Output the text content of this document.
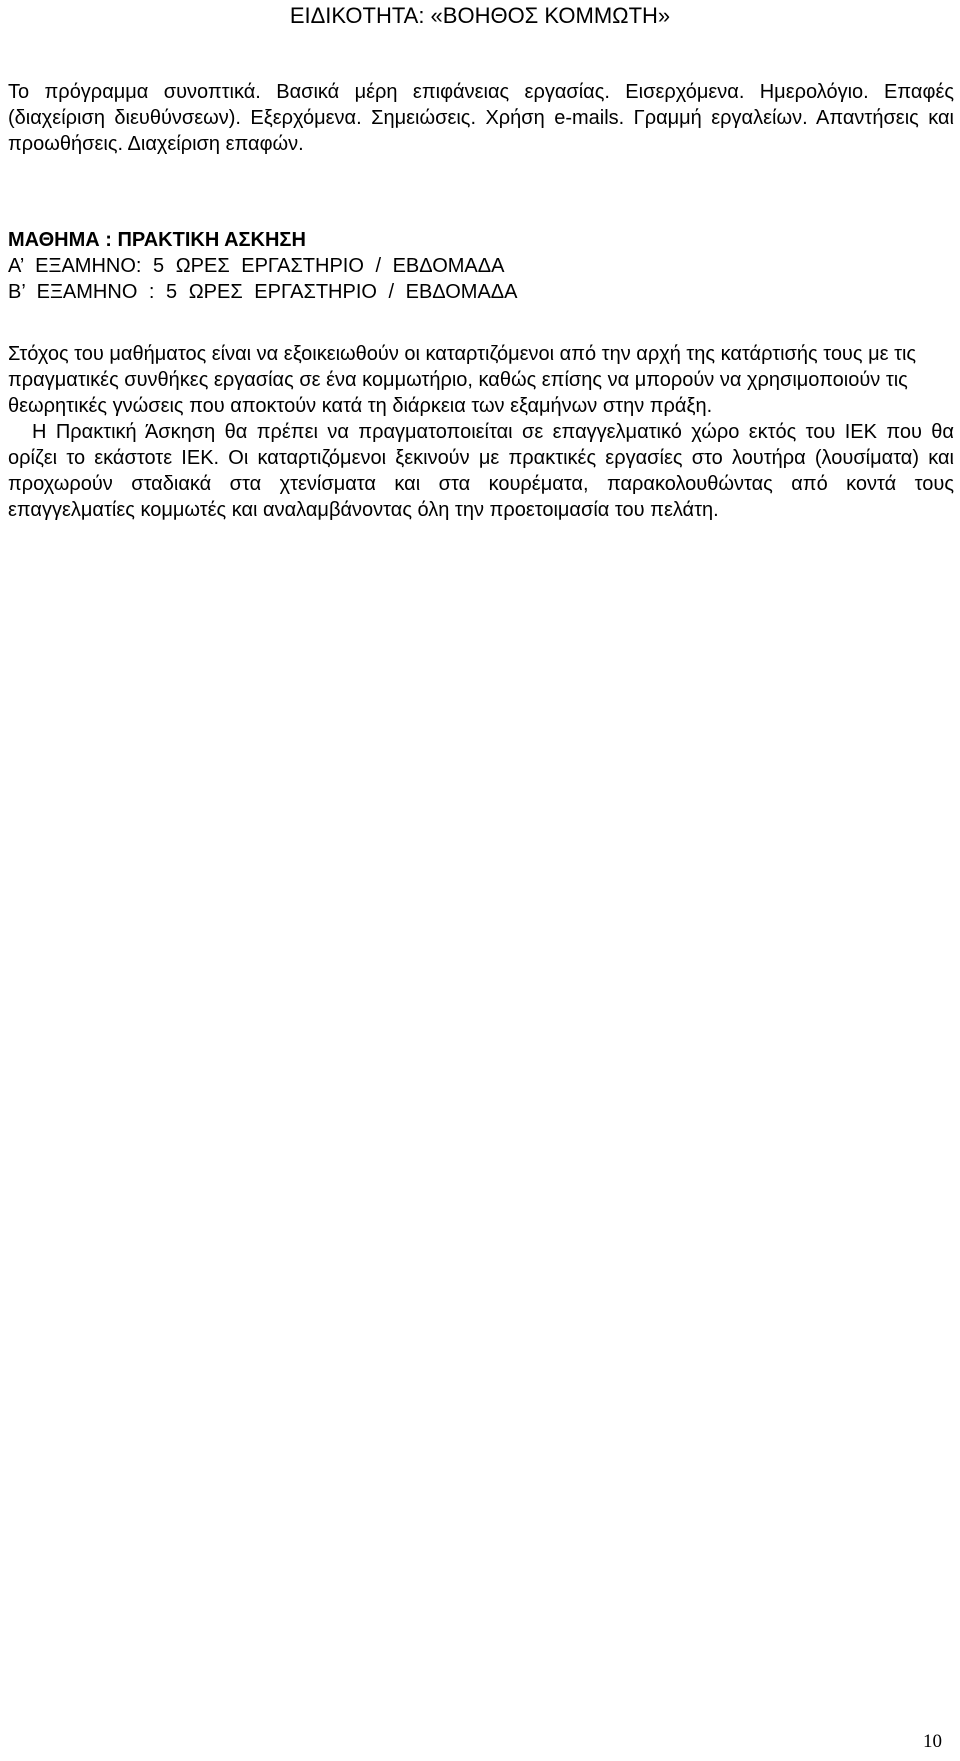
ΕΙΔΙΚΟΤΗΤΑ: «ΒΟΗΘΟΣ ΚΟΜΜΩΤΗ»
Το πρόγραμμα συνοπτικά. Βασικά μέρη επιφάνειας εργασίας. Εισερχόμενα. Ημερολόγιο. Επαφές (διαχείριση διευθύνσεων). Εξερχόμενα. Σημειώσεις. Χρήση e-mails. Γραμμή εργαλείων. Απαντήσεις και προωθήσεις. Διαχείριση επαφών.
ΜΑΘΗΜΑ : ΠΡΑΚΤΙΚΗ ΑΣΚΗΣΗ
Α’ ΕΞΑΜΗΝΟ: 5 ΩΡΕΣ ΕΡΓΑΣΤΗΡΙΟ / ΕΒΔΟΜΑΔΑ
Β’ ΕΞΑΜΗΝΟ : 5 ΩΡΕΣ ΕΡΓΑΣΤΗΡΙΟ / ΕΒΔΟΜΑΔΑ
Στόχος του μαθήματος είναι να εξοικειωθούν οι καταρτιζόμενοι από την αρχή της κατάρτισής τους με τις πραγματικές συνθήκες εργασίας σε ένα κομμωτήριο, καθώς επίσης να μπορούν να χρησιμοποιούν τις θεωρητικές γνώσεις που αποκτούν κατά τη διάρκεια των εξαμήνων στην πράξη.
Η Πρακτική Άσκηση θα πρέπει να πραγματοποιείται σε επαγγελματικό χώρο εκτός του ΙΕΚ που θα ορίζει το εκάστοτε ΙΕΚ. Οι καταρτιζόμενοι ξεκινούν με πρακτικές εργασίες στο λουτήρα (λουσίματα) και προχωρούν σταδιακά στα χτενίσματα και στα κουρέματα, παρακολουθώντας από κοντά τους επαγγελματίες κομμωτές και αναλαμβάνοντας όλη την προετοιμασία του πελάτη.
10
